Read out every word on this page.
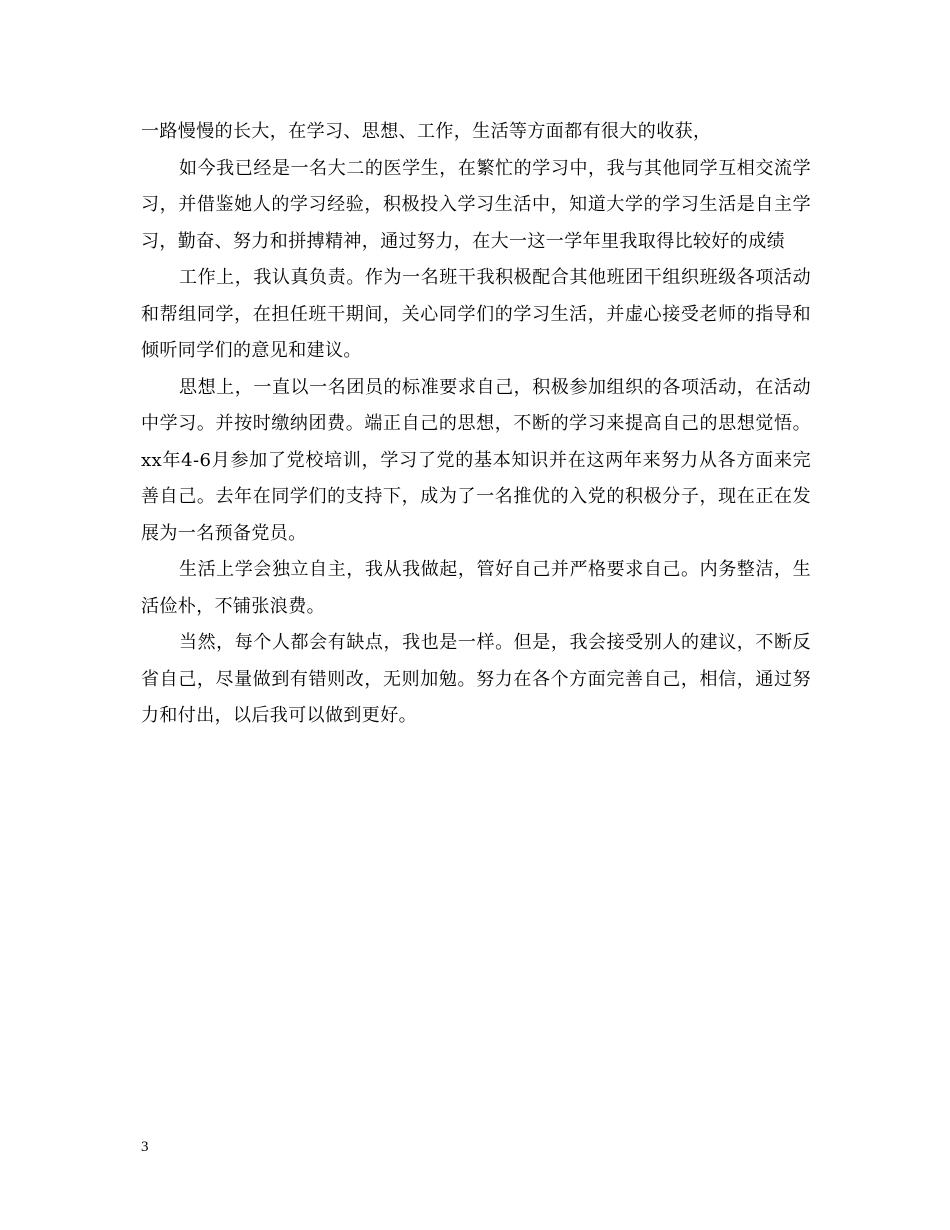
一路慢慢的长大，在学习、思想、工作，生活等方面都有很大的收获，

如今我已经是一名大二的医学生，在繁忙的学习中，我与其他同学互相交流学习，并借鉴她人的学习经验，积极投入学习生活中，知道大学的学习生活是自主学习，勤奋、努力和拼搏精神，通过努力，在大一这一学年里我取得比较好的成绩

工作上，我认真负责。作为一名班干我积极配合其他班团干组织班级各项活动和帮组同学，在担任班干期间，关心同学们的学习生活，并虚心接受老师的指导和倾听同学们的意见和建议。

思想上，一直以一名团员的标准要求自己，积极参加组织的各项活动，在活动中学习。并按时缴纳团费。端正自己的思想，不断的学习来提高自己的思想觉悟。xx年4-6月参加了党校培训，学习了党的基本知识并在这两年来努力从各方面来完善自己。去年在同学们的支持下，成为了一名推优的入党的积极分子，现在正在发展为一名预备党员。

生活上学会独立自主，我从我做起，管好自己并严格要求自己。内务整洁，生活俭朴，不铺张浪费。

当然，每个人都会有缺点，我也是一样。但是，我会接受别人的建议，不断反省自己，尽量做到有错则改，无则加勉。努力在各个方面完善自己，相信，通过努力和付出，以后我可以做到更好。

3
